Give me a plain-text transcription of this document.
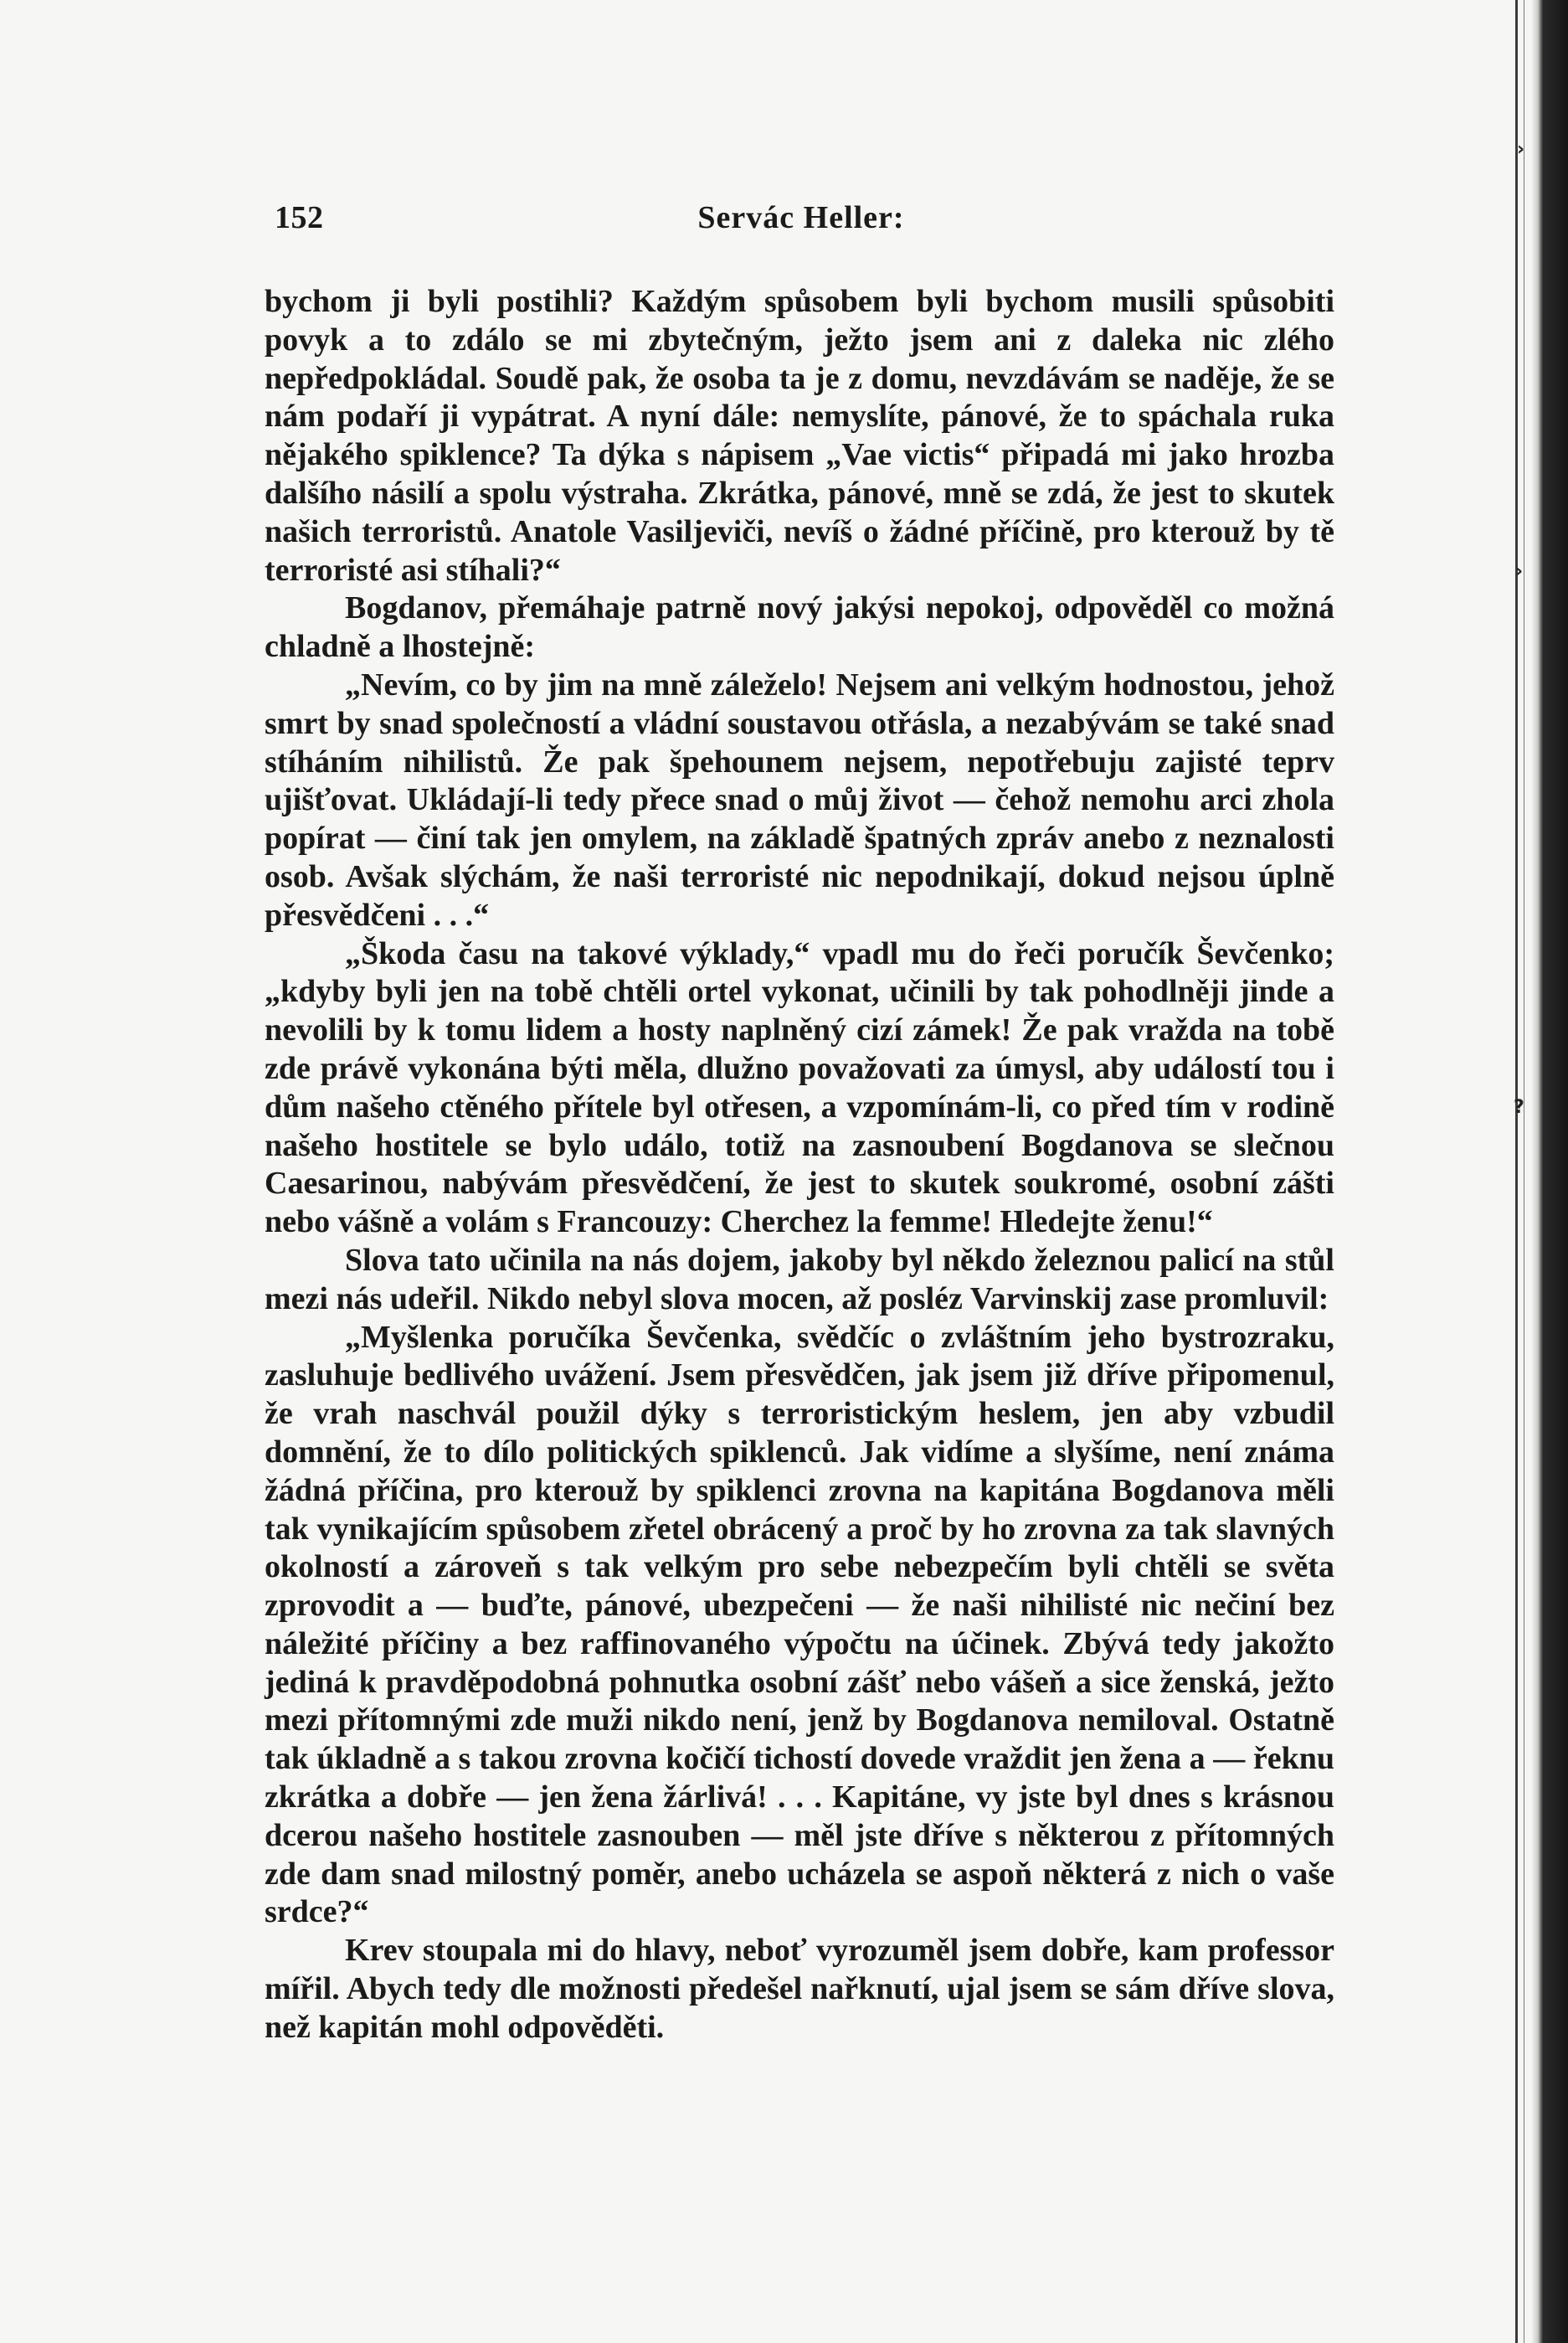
›
›
?
152	Servác Heller:

bychom ji byli postihli? Každým spůsobem byli bychom musili spůsobiti povyk a to zdálo se mi zbytečným, ježto jsem ani z daleka nic zlého nepředpokládal. Soudě pak, že osoba ta je z domu, nevzdávám se naděje, že se nám podaří ji vypátrat. A nyní dále: nemyslíte, pánové, že to spáchala ruka nějakého spiklence? Ta dýka s nápisem „Vae victis“ připadá mi jako hrozba dalšího násilí a spolu výstraha. Zkrátka, pánové, mně se zdá, že jest to skutek našich terroristů. Anatole Vasiljeviči, nevíš o žádné příčině, pro kterouž by tě terroristé asi stíhali?“

Bogdanov, přemáhaje patrně nový jakýsi nepokoj, odpověděl co možná chladně a lhostejně:

„Nevím, co by jim na mně záleželo! Nejsem ani velkým hodnostou, jehož smrt by snad společností a vládní soustavou otřásla, a nezabývám se také snad stíháním nihilistů. Že pak špehounem nejsem, nepotřebuju zajisté teprv ujišťovat. Ukládají-li tedy přece snad o můj život — čehož nemohu arci zhola popírat — činí tak jen omylem, na základě špatných zpráv anebo z neznalosti osob. Avšak slýchám, že naši terroristé nic nepodnikají, dokud nejsou úplně přesvědčeni . . .“

„Škoda času na takové výklady,“ vpadl mu do řeči poručík Ševčenko; „kdyby byli jen na tobě chtěli ortel vykonat, učinili by tak pohodlněji jinde a nevolili by k tomu lidem a hosty naplněný cizí zámek! Že pak vražda na tobě zde právě vykonána býti měla, dlužno považovati za úmysl, aby událostí tou i dům našeho ctěného přítele byl otřesen, a vzpomínám-li, co před tím v rodině našeho hostitele se bylo událo, totiž na zasnoubení Bogdanova se slečnou Caesarinou, nabývám přesvědčení, že jest to skutek soukromé, osobní zášti nebo vášně a volám s Francouzy: Cherchez la femme! Hledejte ženu!“

Slova tato učinila na nás dojem, jakoby byl někdo železnou palicí na stůl mezi nás udeřil. Nikdo nebyl slova mocen, až posléz Varvinskij zase promluvil:

„Myšlenka poručíka Ševčenka, svědčíc o zvláštním jeho bystrozraku, zasluhuje bedlivého uvážení. Jsem přesvědčen, jak jsem již dříve připomenul, že vrah naschvál použil dýky s terroristickým heslem, jen aby vzbudil domnění, že to dílo politických spiklenců. Jak vidíme a slyšíme, není známa žádná příčina, pro kterouž by spiklenci zrovna na kapitána Bogdanova měli tak vynikajícím spůsobem zřetel obrácený a proč by ho zrovna za tak slavných okolností a zároveň s tak velkým pro sebe nebezpečím byli chtěli se světa zprovodit a — buďte, pánové, ubezpečeni — že naši nihilisté nic nečiní bez náležité příčiny a bez raffinovaného výpočtu na účinek. Zbývá tedy jakožto jediná k pravděpodobná pohnutka osobní zášť nebo vášeň a sice ženská, ježto mezi přítomnými zde muži nikdo není, jenž by Bogdanova nemiloval. Ostatně tak úkladně a s takou zrovna kočičí tichostí dovede vraždit jen žena a — řeknu zkrátka a dobře — jen žena žárlivá! . . . Kapitáne, vy jste byl dnes s krásnou dcerou našeho hostitele zasnouben — měl jste dříve s některou z přítomných zde dam snad milostný poměr, anebo ucházela se aspoň některá z nich o vaše srdce?“

Krev stoupala mi do hlavy, neboť vyrozuměl jsem dobře, kam professor mířil. Abych tedy dle možnosti předešel nařknutí, ujal jsem se sám dříve slova, než kapitán mohl odpověděti.
